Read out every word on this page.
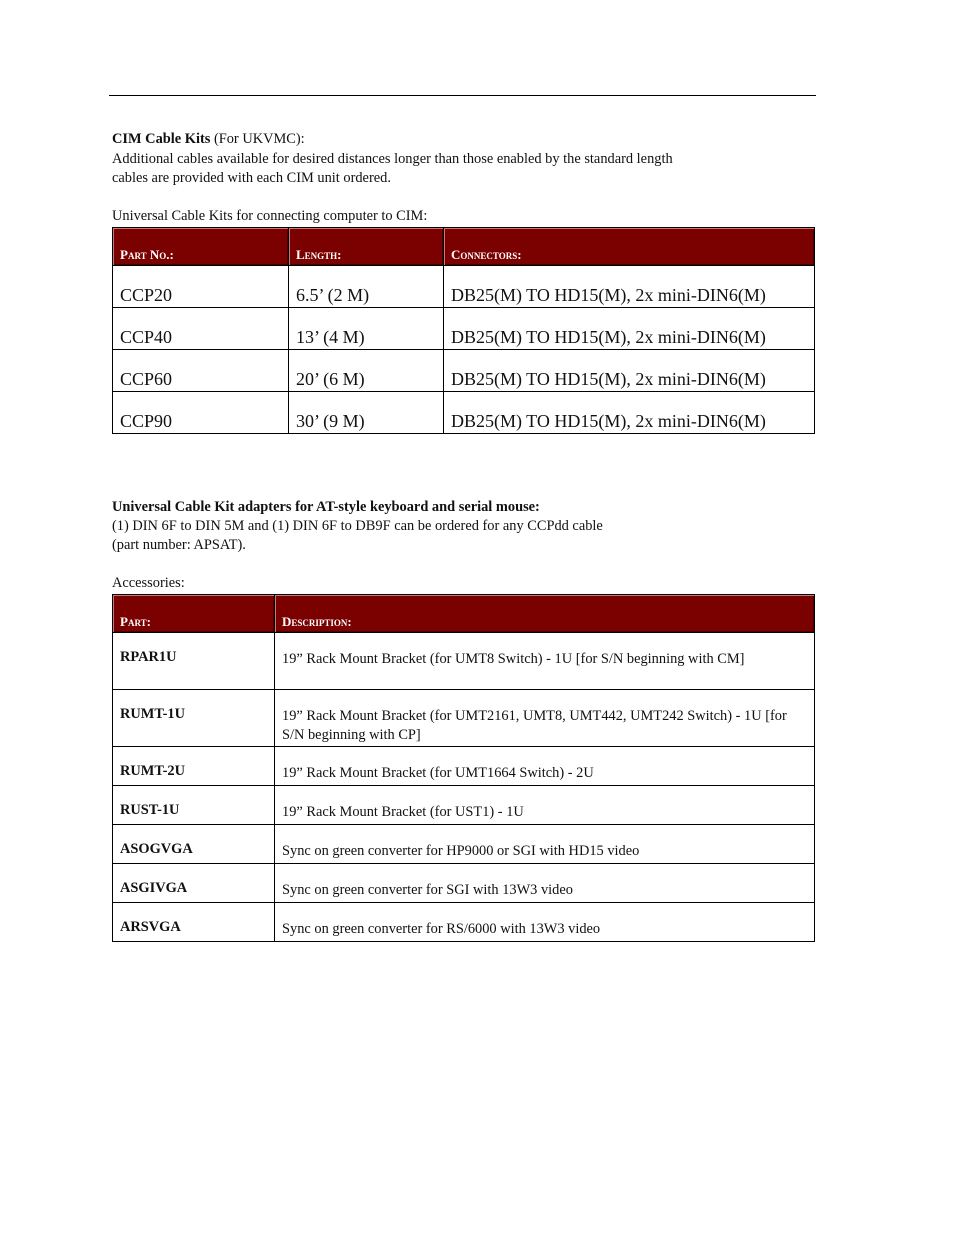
CIM Cable Kits (For UKVMC):
Additional cables available for desired distances longer than those enabled by the standard length
cables are provided with each CIM unit ordered.
Universal Cable Kits for connecting computer to CIM:
Part No.:	Length:	Connectors:
CCP20	6.5’ (2 M)	DB25(M) TO HD15(M), 2x mini-DIN6(M)
CCP40	13’ (4 M)	DB25(M) TO HD15(M), 2x mini-DIN6(M)
CCP60	20’ (6 M)	DB25(M) TO HD15(M), 2x mini-DIN6(M)
CCP90	30’ (9 M)	DB25(M) TO HD15(M), 2x mini-DIN6(M)
Universal Cable Kit adapters for AT-style keyboard and serial mouse:
(1) DIN 6F to DIN 5M and (1) DIN 6F to DB9F can be ordered for any CCPdd cable
(part number: APSAT).
Accessories:
Part:	Description:
RPAR1U	19” Rack Mount Bracket (for UMT8 Switch) - 1U [for S/N beginning with CM]
RUMT-1U	19” Rack Mount Bracket (for UMT2161, UMT8, UMT442, UMT242 Switch) - 1U [for S/N beginning with CP]
RUMT-2U	19” Rack Mount Bracket (for UMT1664 Switch) - 2U
RUST-1U	19” Rack Mount Bracket (for UST1) - 1U
ASOGVGA	Sync on green converter for HP9000 or SGI with HD15 video
ASGIVGA	Sync on green converter for SGI with 13W3 video
ARSVGA	Sync on green converter for RS/6000 with 13W3 video
